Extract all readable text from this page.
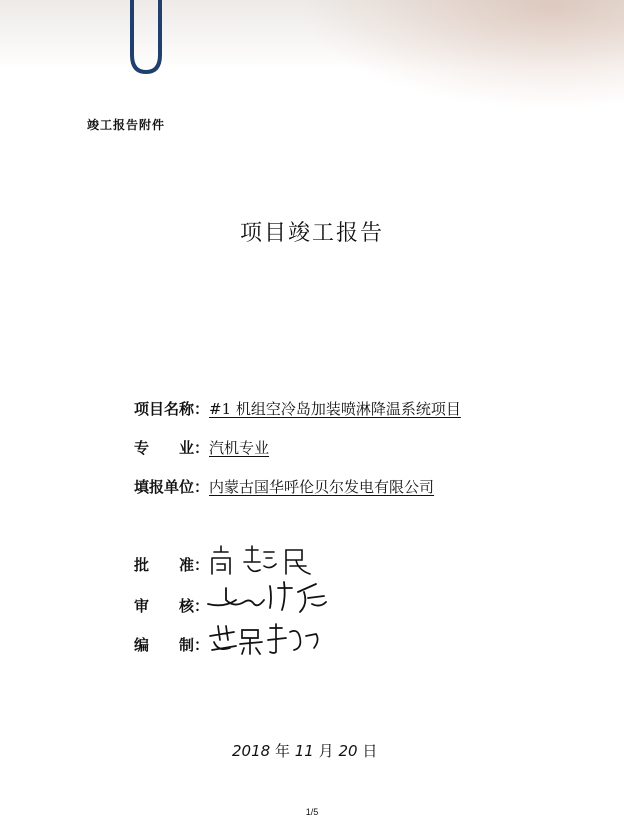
竣工报告附件
项目竣工报告
项目名称：#1 机组空冷岛加装喷淋降温系统项目
专　　业：汽机专业
填报单位：内蒙古国华呼伦贝尔发电有限公司
批　　准：
审　　核：
编　　制：
2018 年 11 月 20 日
1/5
